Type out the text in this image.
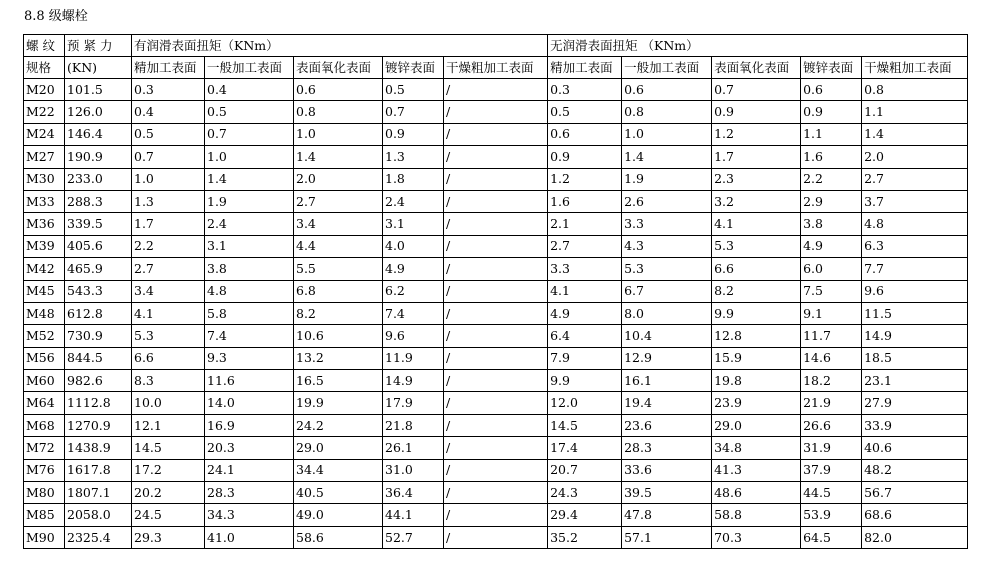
8.8 级螺栓
螺 纹	预 紧 力	有润滑表面扭矩（KNm）					无润滑表面扭矩 （KNm）				
规格	(KN)	精加工表面	一般加工表面	表面氧化表面	镀锌表面	干燥粗加工表面	精加工表面	一般加工表面	表面氧化表面	镀锌表面	干燥粗加工表面
M20	101.5	0.3	0.4	0.6	0.5	/	0.3	0.6	0.7	0.6	0.8
M22	126.0	0.4	0.5	0.8	0.7	/	0.5	0.8	0.9	0.9	1.1
M24	146.4	0.5	0.7	1.0	0.9	/	0.6	1.0	1.2	1.1	1.4
M27	190.9	0.7	1.0	1.4	1.3	/	0.9	1.4	1.7	1.6	2.0
M30	233.0	1.0	1.4	2.0	1.8	/	1.2	1.9	2.3	2.2	2.7
M33	288.3	1.3	1.9	2.7	2.4	/	1.6	2.6	3.2	2.9	3.7
M36	339.5	1.7	2.4	3.4	3.1	/	2.1	3.3	4.1	3.8	4.8
M39	405.6	2.2	3.1	4.4	4.0	/	2.7	4.3	5.3	4.9	6.3
M42	465.9	2.7	3.8	5.5	4.9	/	3.3	5.3	6.6	6.0	7.7
M45	543.3	3.4	4.8	6.8	6.2	/	4.1	6.7	8.2	7.5	9.6
M48	612.8	4.1	5.8	8.2	7.4	/	4.9	8.0	9.9	9.1	11.5
M52	730.9	5.3	7.4	10.6	9.6	/	6.4	10.4	12.8	11.7	14.9
M56	844.5	6.6	9.3	13.2	11.9	/	7.9	12.9	15.9	14.6	18.5
M60	982.6	8.3	11.6	16.5	14.9	/	9.9	16.1	19.8	18.2	23.1
M64	1112.8	10.0	14.0	19.9	17.9	/	12.0	19.4	23.9	21.9	27.9
M68	1270.9	12.1	16.9	24.2	21.8	/	14.5	23.6	29.0	26.6	33.9
M72	1438.9	14.5	20.3	29.0	26.1	/	17.4	28.3	34.8	31.9	40.6
M76	1617.8	17.2	24.1	34.4	31.0	/	20.7	33.6	41.3	37.9	48.2
M80	1807.1	20.2	28.3	40.5	36.4	/	24.3	39.5	48.6	44.5	56.7
M85	2058.0	24.5	34.3	49.0	44.1	/	29.4	47.8	58.8	53.9	68.6
M90	2325.4	29.3	41.0	58.6	52.7	/	35.2	57.1	70.3	64.5	82.0
